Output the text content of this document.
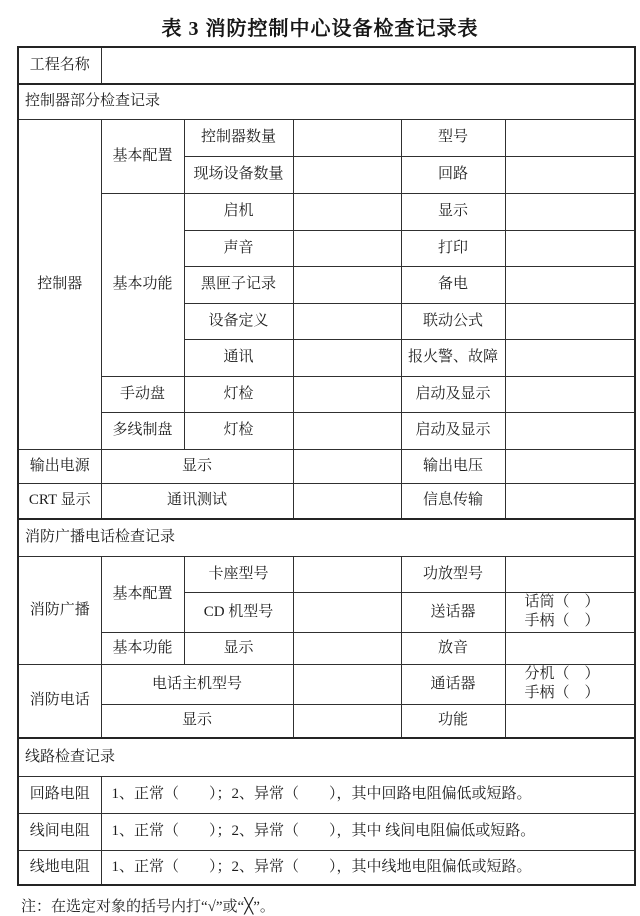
表 3 消防控制中心设备检查记录表
工程名称					
控制器部分检查记录					
控制器	基本配置	控制器数量		型号	
		现场设备数量		回路	
	基本功能	启机		显示	
		声音		打印	
		黑匣子记录		备电	
		设备定义		联动公式	
		通讯		报火警、故障	
	手动盘	灯检		启动及显示	
	多线制盘	灯检		启动及显示	
输出电源	显示			输出电压	
CRT 显示	通讯测试			信息传输	
消防广播电话检查记录					
消防广播	基本配置	卡座型号		功放型号	
		CD 机型号		送话器	话筒（　）
手柄（　）

	基本功能	显示		放音	
消防电话	电话主机型号			通话器	分机（　）
手柄（　）

	显示			功能	
线路检查记录					
回路电阻	1、正常（　　）；2、异常（　　），其中回路电阻偏低或短路。				
线间电阻	1、正常（　　）；2、异常（　　），其中 线间电阻偏低或短路。				
线地电阻	1、正常（　　）；2、异常（　　），其中线地电阻偏低或短路。				
注：在选定对象的括号内打“√”或“╳”。
